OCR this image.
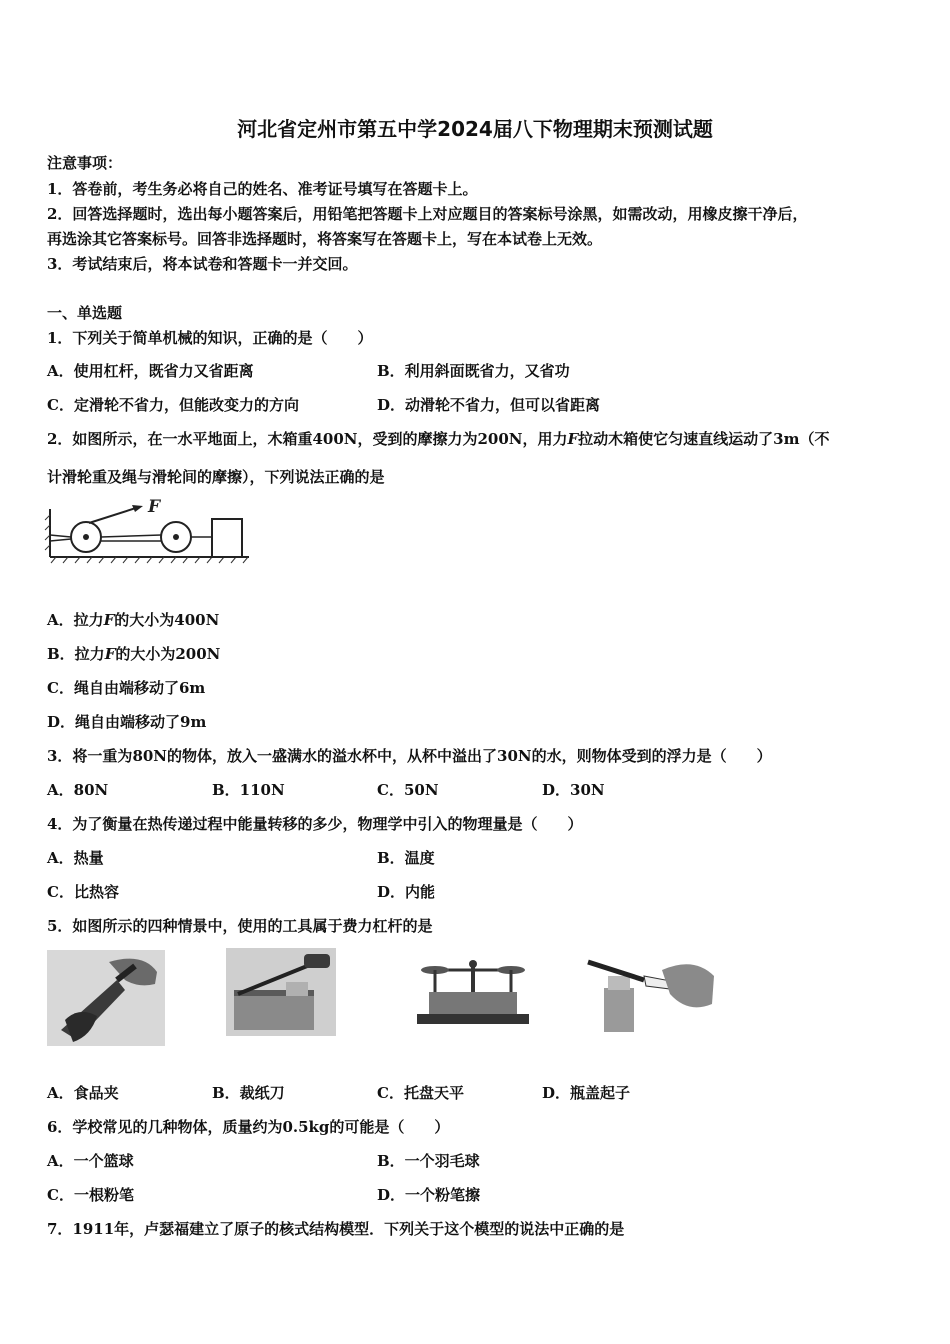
河北省定州市第五中学2024届八下物理期末预测试题
注意事项：
1．答卷前，考生务必将自己的姓名、准考证号填写在答题卡上。
2．回答选择题时，选出每小题答案后，用铅笔把答题卡上对应题目的答案标号涂黑，如需改动，用橡皮擦干净后，
再选涂其它答案标号。回答非选择题时，将答案写在答题卡上，写在本试卷上无效。
3．考试结束后，将本试卷和答题卡一并交回。
一、单选题
1．下列关于简单机械的知识，正确的是（　　）
A．使用杠杆，既省力又省距离	B．利用斜面既省力，又省功
C．定滑轮不省力，但能改变力的方向	D．动滑轮不省力，但可以省距离
2．如图所示，在一水平地面上，木箱重400N，受到的摩擦力为200N，用力F拉动木箱使它匀速直线运动了3m（不
计滑轮重及绳与滑轮间的摩擦），下列说法正确的是
F
A．拉力F的大小为400N
B．拉力F的大小为200N
C．绳自由端移动了6m
D．绳自由端移动了9m
3．将一重为80N的物体，放入一盛满水的溢水杯中，从杯中溢出了30N的水，则物体受到的浮力是（　　）
A．80N	B．110N	C．50N	D．30N
4．为了衡量在热传递过程中能量转移的多少，物理学中引入的物理量是（　　）
A．热量	B．温度
C．比热容	D．内能
5．如图所示的四种情景中，使用的工具属于费力杠杆的是
A．食品夹	B．裁纸刀	C．托盘天平	D．瓶盖起子
6．学校常见的几种物体，质量约为0.5kg的可能是（　　）
A．一个篮球	B．一个羽毛球
C．一根粉笔	D．一个粉笔擦
7．1911年，卢瑟福建立了原子的核式结构模型．下列关于这个模型的说法中正确的是
